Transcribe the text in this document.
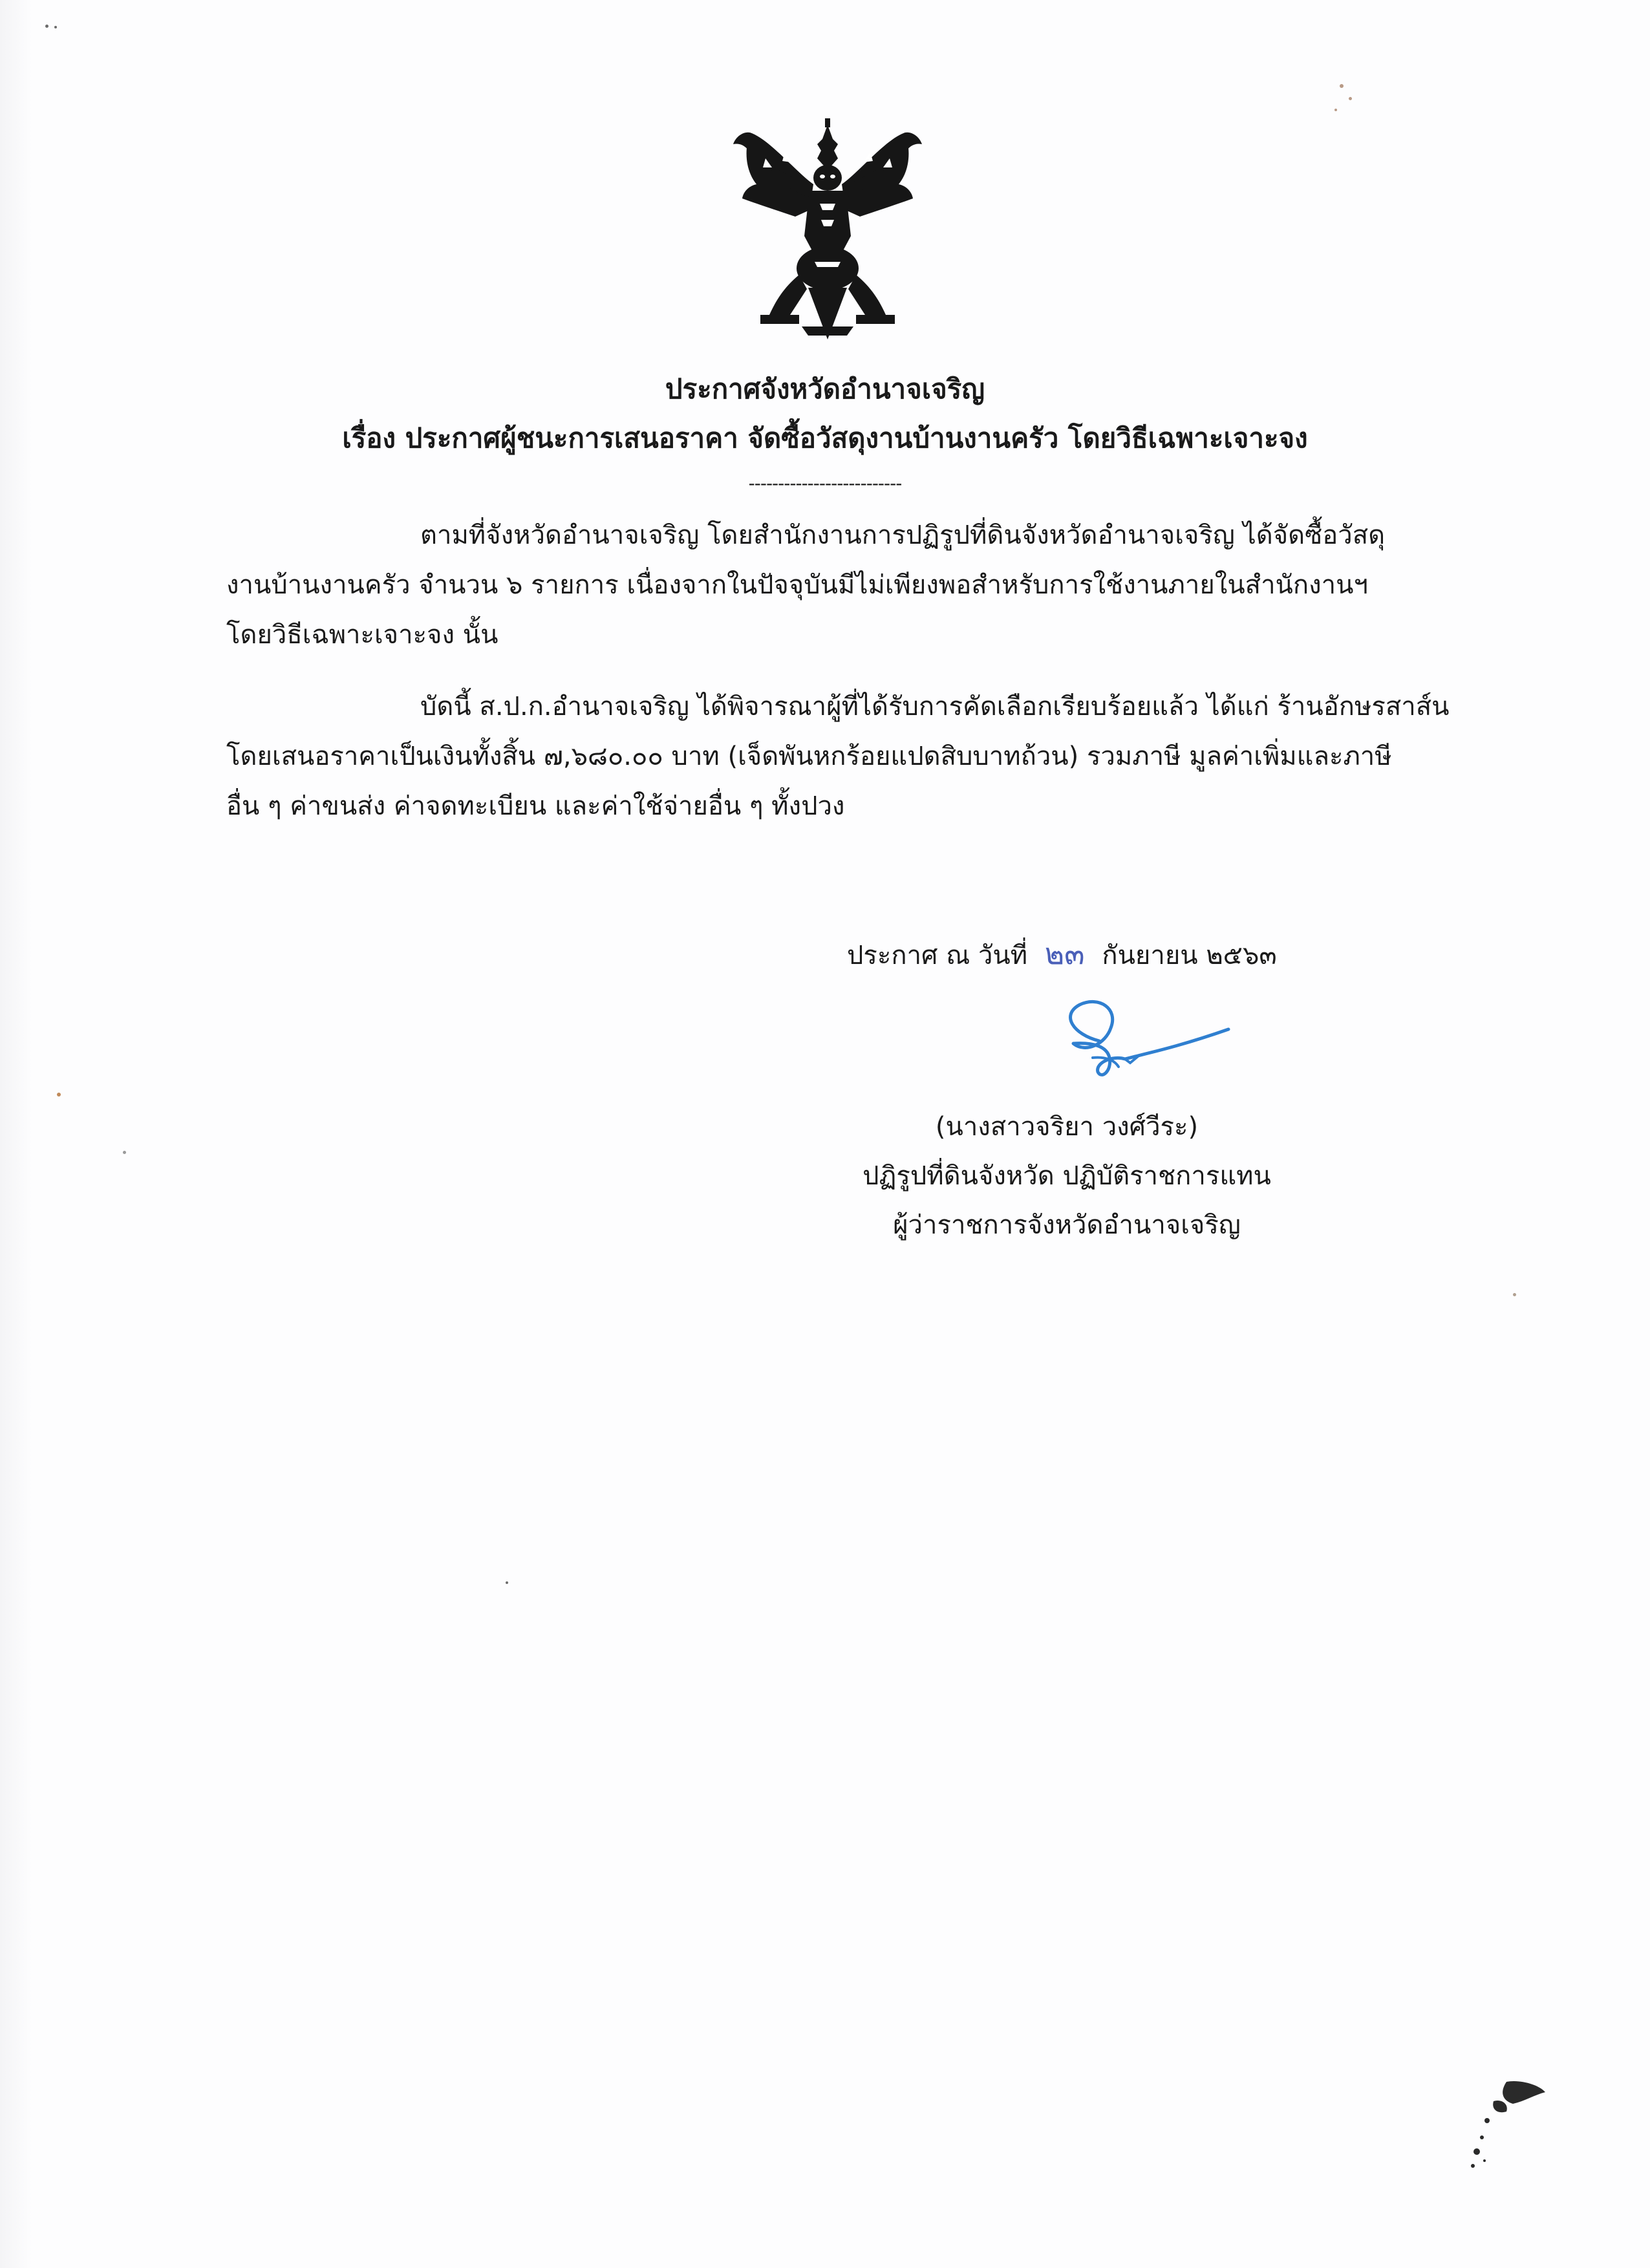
ประกาศจังหวัดอำนาจเจริญ
เรื่อง ประกาศผู้ชนะการเสนอราคา จัดซื้อวัสดุงานบ้านงานครัว โดยวิธีเฉพาะเจาะจง
--------------------------
ตามที่จังหวัดอำนาจเจริญ โดยสำนักงานการปฏิรูปที่ดินจังหวัดอำนาจเจริญ ได้จัดซื้อวัสดุ
งานบ้านงานครัว จำนวน ๖ รายการ เนื่องจากในปัจจุบันมีไม่เพียงพอสำหรับการใช้งานภายในสำนักงานฯ
โดยวิธีเฉพาะเจาะจง นั้น
บัดนี้ ส.ป.ก.อำนาจเจริญ ได้พิจารณาผู้ที่ได้รับการคัดเลือกเรียบร้อยแล้ว ได้แก่ ร้านอักษรสาส์น
โดยเสนอราคาเป็นเงินทั้งสิ้น ๗,๖๘๐.๐๐ บาท (เจ็ดพันหกร้อยแปดสิบบาทถ้วน) รวมภาษี มูลค่าเพิ่มและภาษี
อื่น ๆ ค่าขนส่ง ค่าจดทะเบียน และค่าใช้จ่ายอื่น ๆ ทั้งปวง
ประกาศ ณ วันที่ ๒๓ กันยายน ๒๕๖๓
(นางสาวจริยา วงศ์วีระ)
ปฏิรูปที่ดินจังหวัด ปฏิบัติราชการแทน
ผู้ว่าราชการจังหวัดอำนาจเจริญ
